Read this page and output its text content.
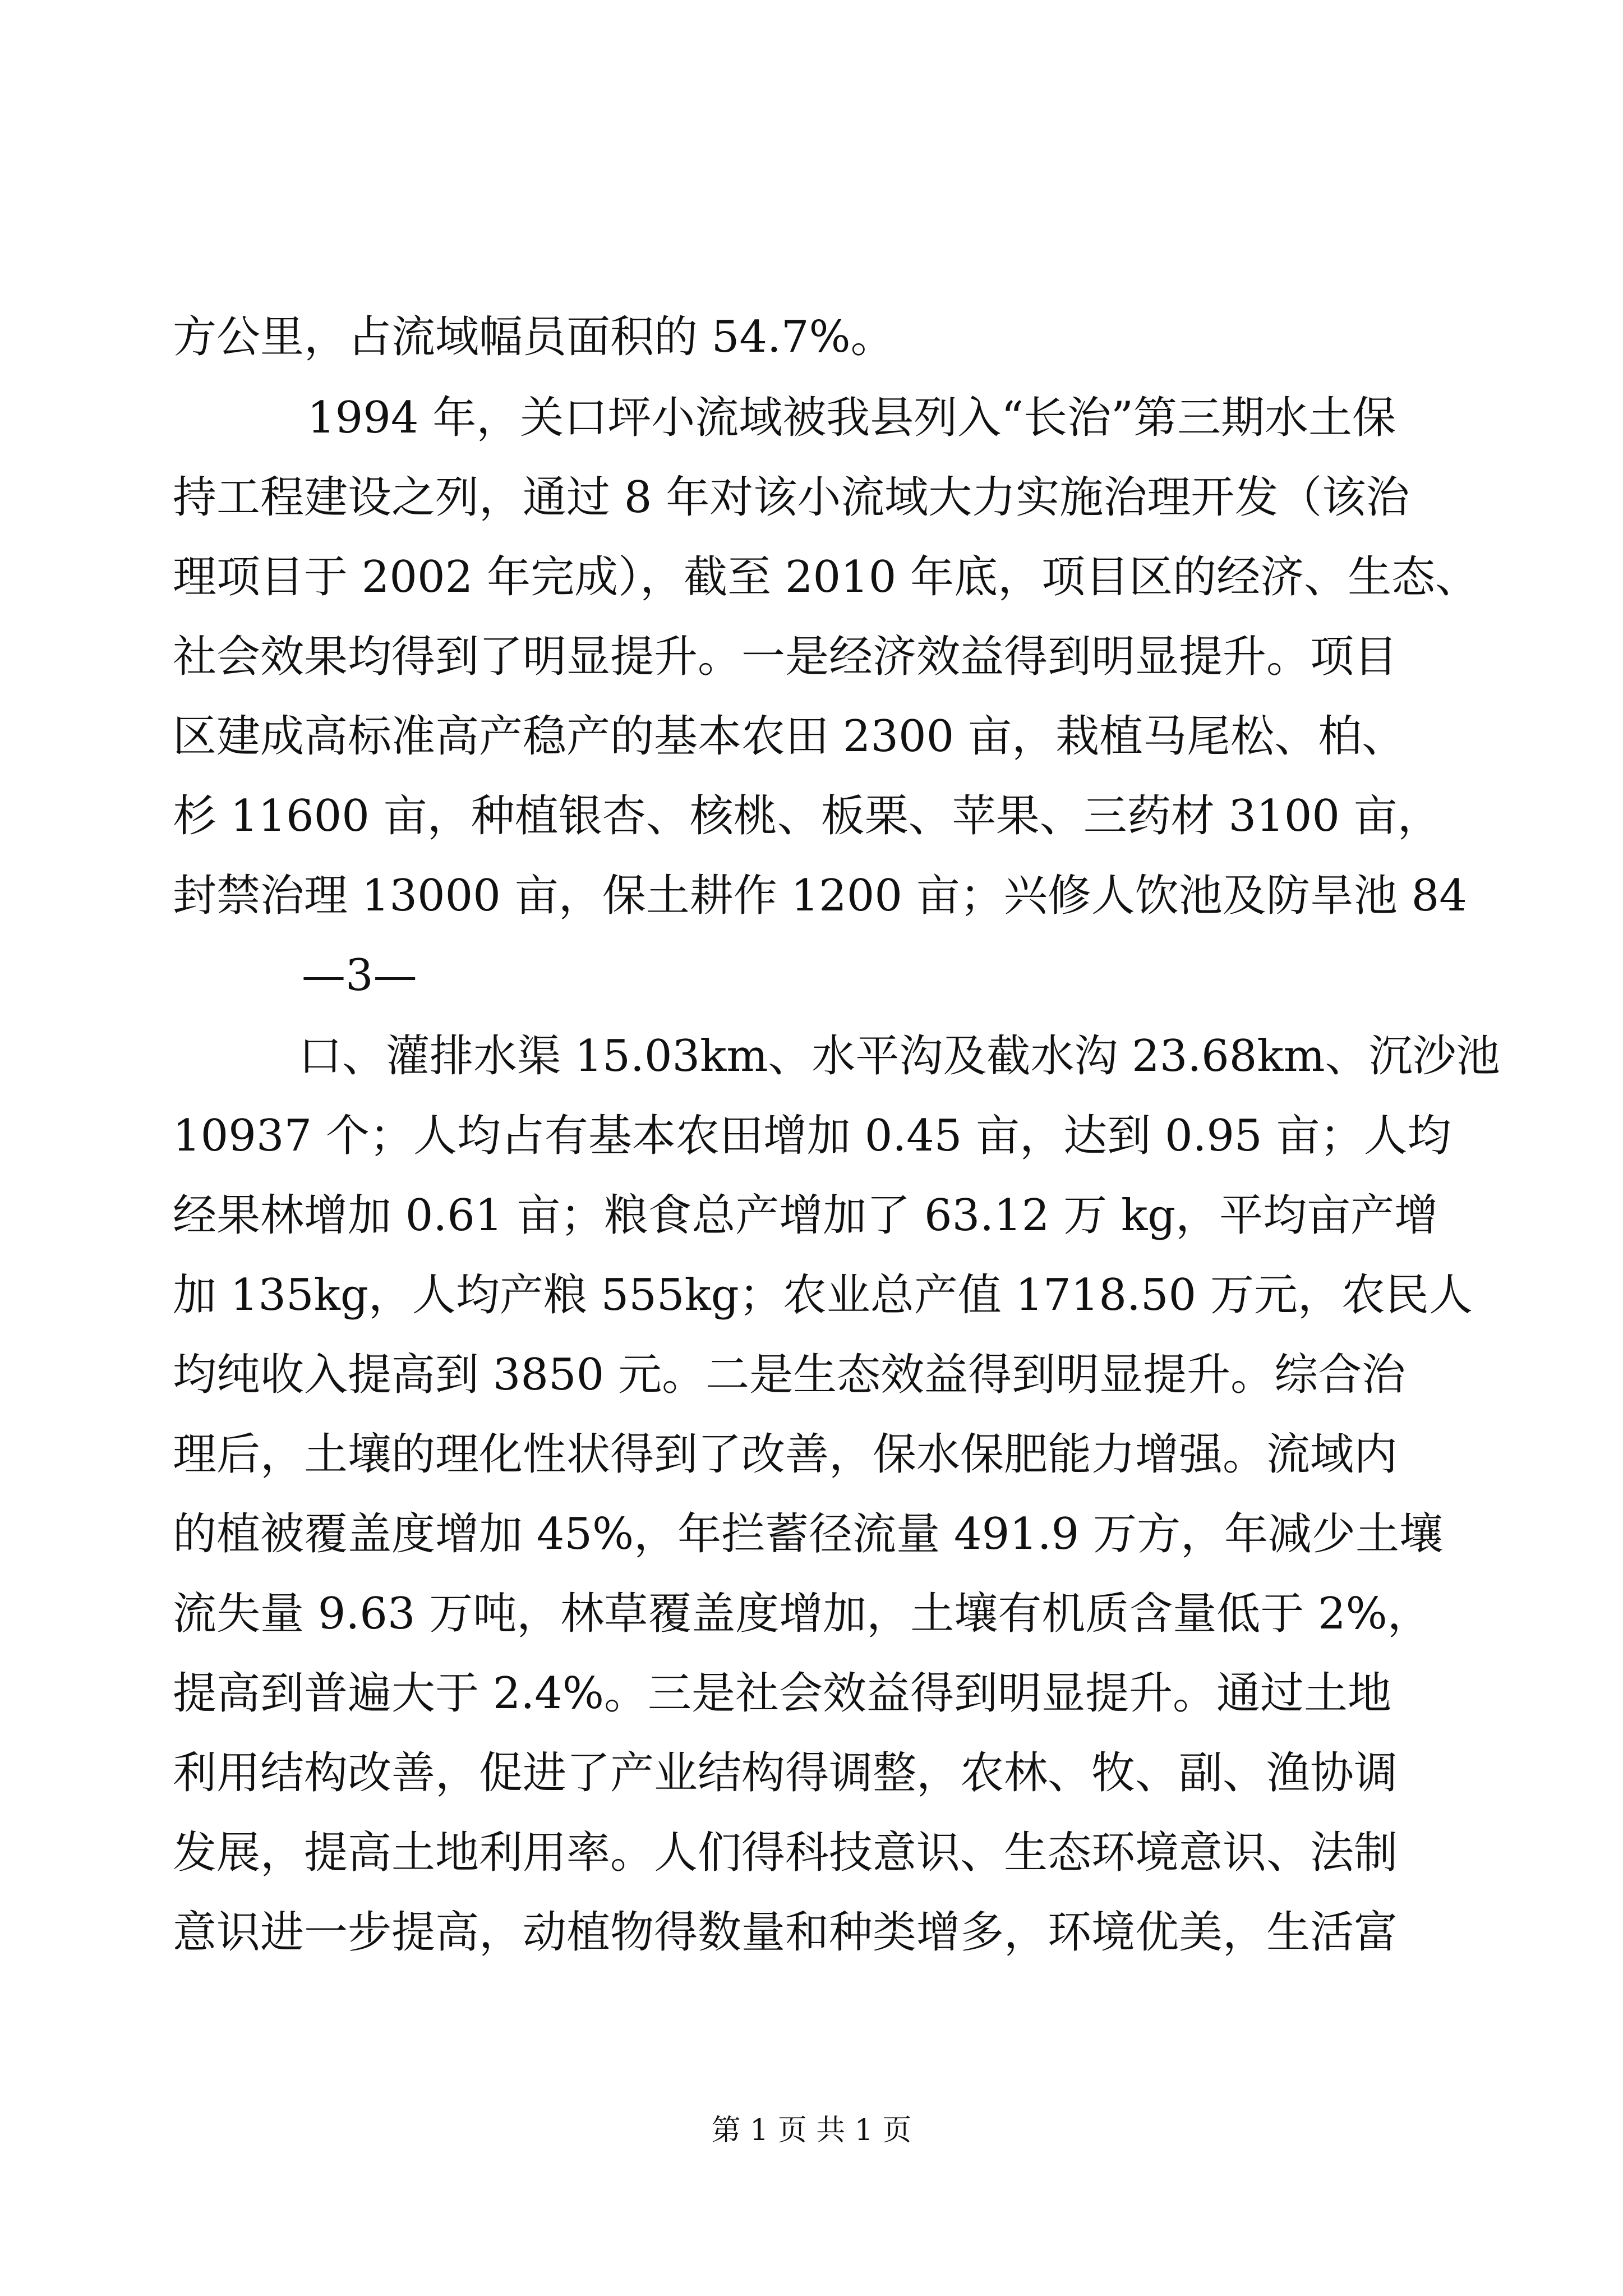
方公里，占流域幅员面积的 54.7%。
1994 年，关口坪小流域被我县列入“长治”第三期水土保
持工程建设之列，通过 8 年对该小流域大力实施治理开发（该治
理项目于 2002 年完成），截至 2010 年底，项目区的经济、生态、
社会效果均得到了明显提升。一是经济效益得到明显提升。项目
区建成高标准高产稳产的基本农田 2300 亩，栽植马尾松、柏、
杉 11600 亩，种植银杏、核桃、板栗、苹果、三药材 3100 亩，
封禁治理 13000 亩，保土耕作 1200 亩；兴修人饮池及防旱池 84
—3—
口、灌排水渠 15.03km、水平沟及截水沟 23.68km、沉沙池
10937 个；人均占有基本农田增加 0.45 亩，达到 0.95 亩；人均
经果林增加 0.61 亩；粮食总产增加了 63.12 万 kg，平均亩产增
加 135kg，人均产粮 555kg；农业总产值 1718.50 万元，农民人
均纯收入提高到 3850 元。二是生态效益得到明显提升。综合治
理后，土壤的理化性状得到了改善，保水保肥能力增强。流域内
的植被覆盖度增加 45%，年拦蓄径流量 491.9 万方，年减少土壤
流失量 9.63 万吨，林草覆盖度增加，土壤有机质含量低于 2%，
提高到普遍大于 2.4%。三是社会效益得到明显提升。通过土地
利用结构改善，促进了产业结构得调整，农林、牧、副、渔协调
发展，提高土地利用率。人们得科技意识、生态环境意识、法制
意识进一步提高，动植物得数量和种类增多，环境优美，生活富
第 1 页 共 1 页
